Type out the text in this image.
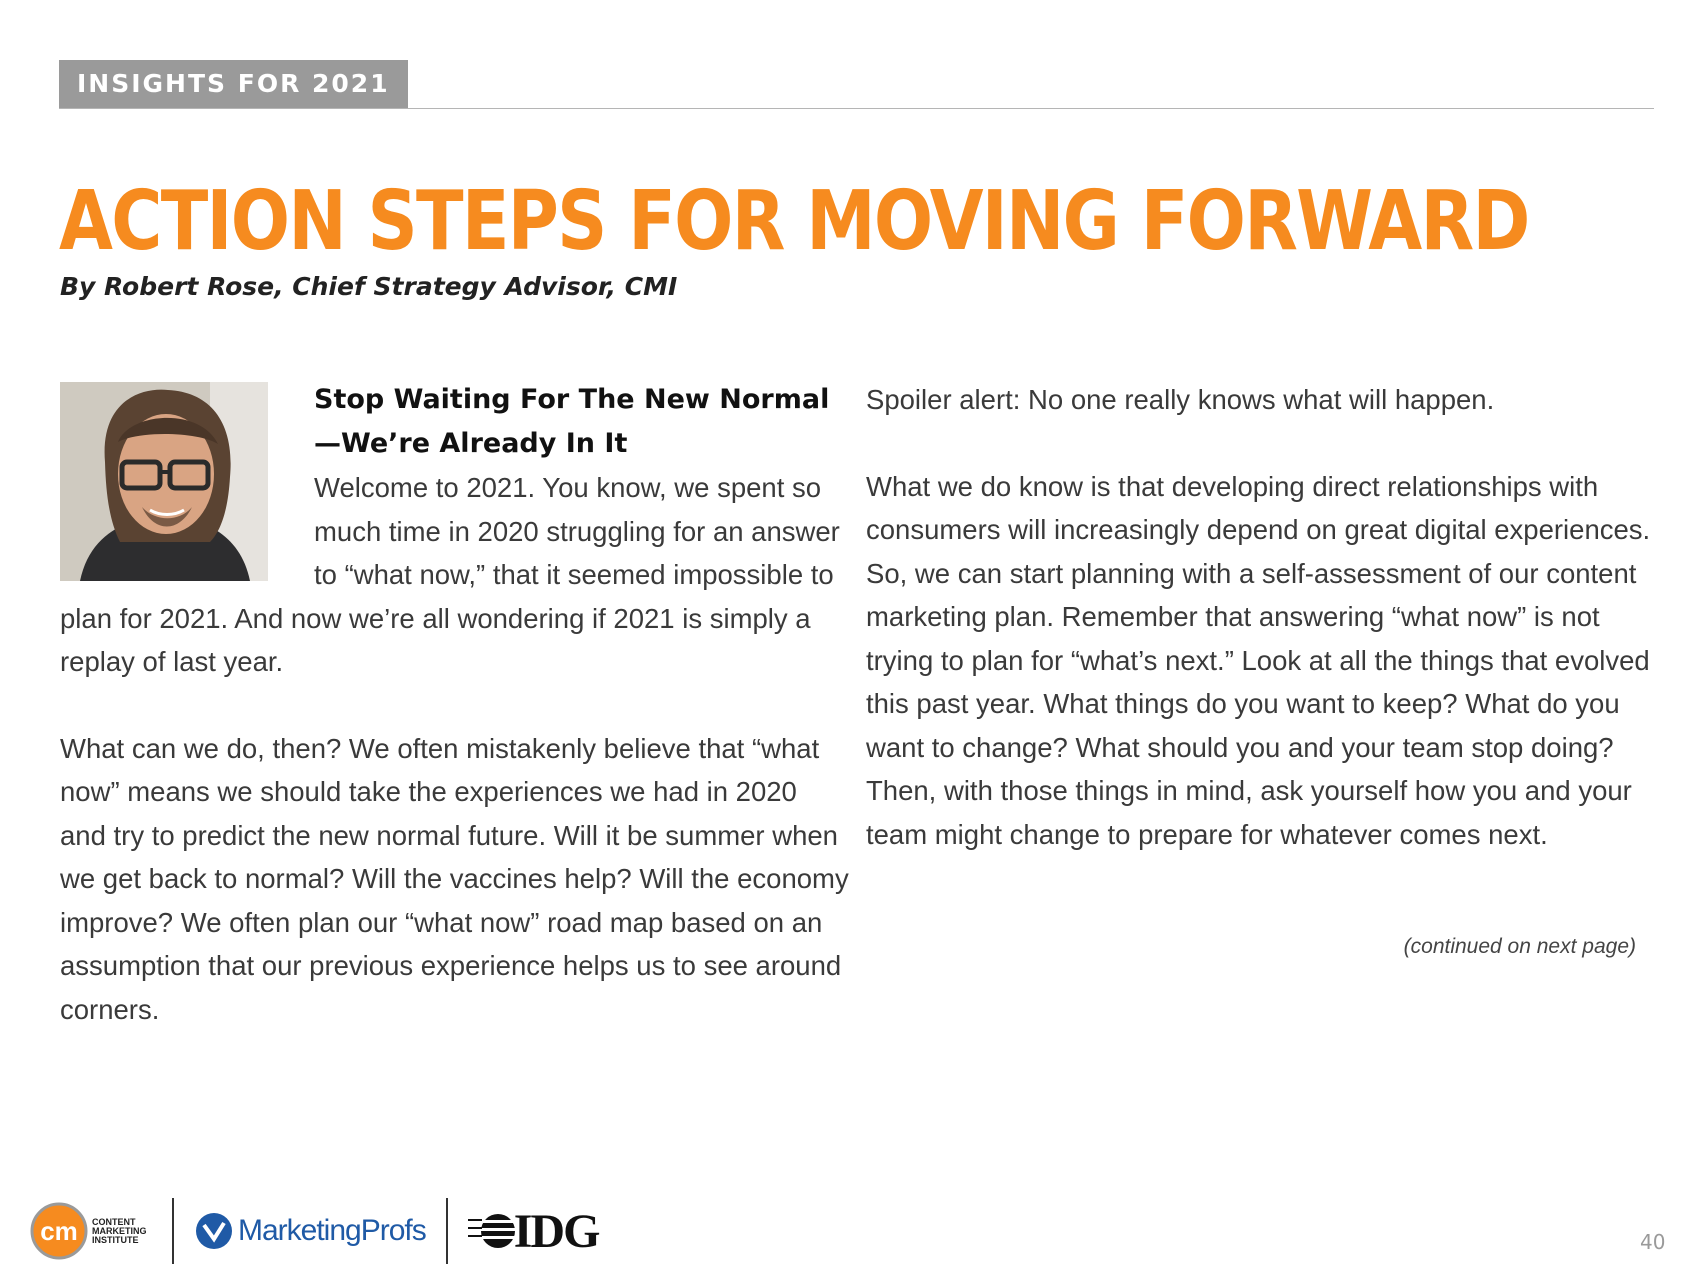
INSIGHTS FOR 2021
ACTION STEPS FOR MOVING FORWARD

By Robert Rose, Chief Strategy Advisor, CMI

Stop Waiting For The New Normal—We’re Already In It

Welcome to 2021. You know, we spent so much time in 2020 struggling for an answer to “what now,” that it seemed impossible to plan for 2021. And now we’re all wondering if 2021 is simply a replay of last year.

What can we do, then? We often mistakenly believe that “what now” means we should take the experiences we had in 2020 and try to predict the new normal future. Will it be summer when we get back to normal? Will the vaccines help? Will the economy improve? We often plan our “what now” road map based on an assumption that our previous experience helps us to see around corners.

Spoiler alert: No one really knows what will happen.

What we do know is that developing direct relationships with consumers will increasingly depend on great digital experiences. So, we can start planning with a self-assessment of our content marketing plan. Remember that answering “what now” is not trying to plan for “what’s next.” Look at all the things that evolved this past year. What things do you want to keep? What do you want to change? What should you and your team stop doing? Then, with those things in mind, ask yourself how you and your team might change to prepare for whatever comes next.

(continued on next page)
cm CONTENT
MARKETING
INSTITUTE	MarketingProfs IDG	40
